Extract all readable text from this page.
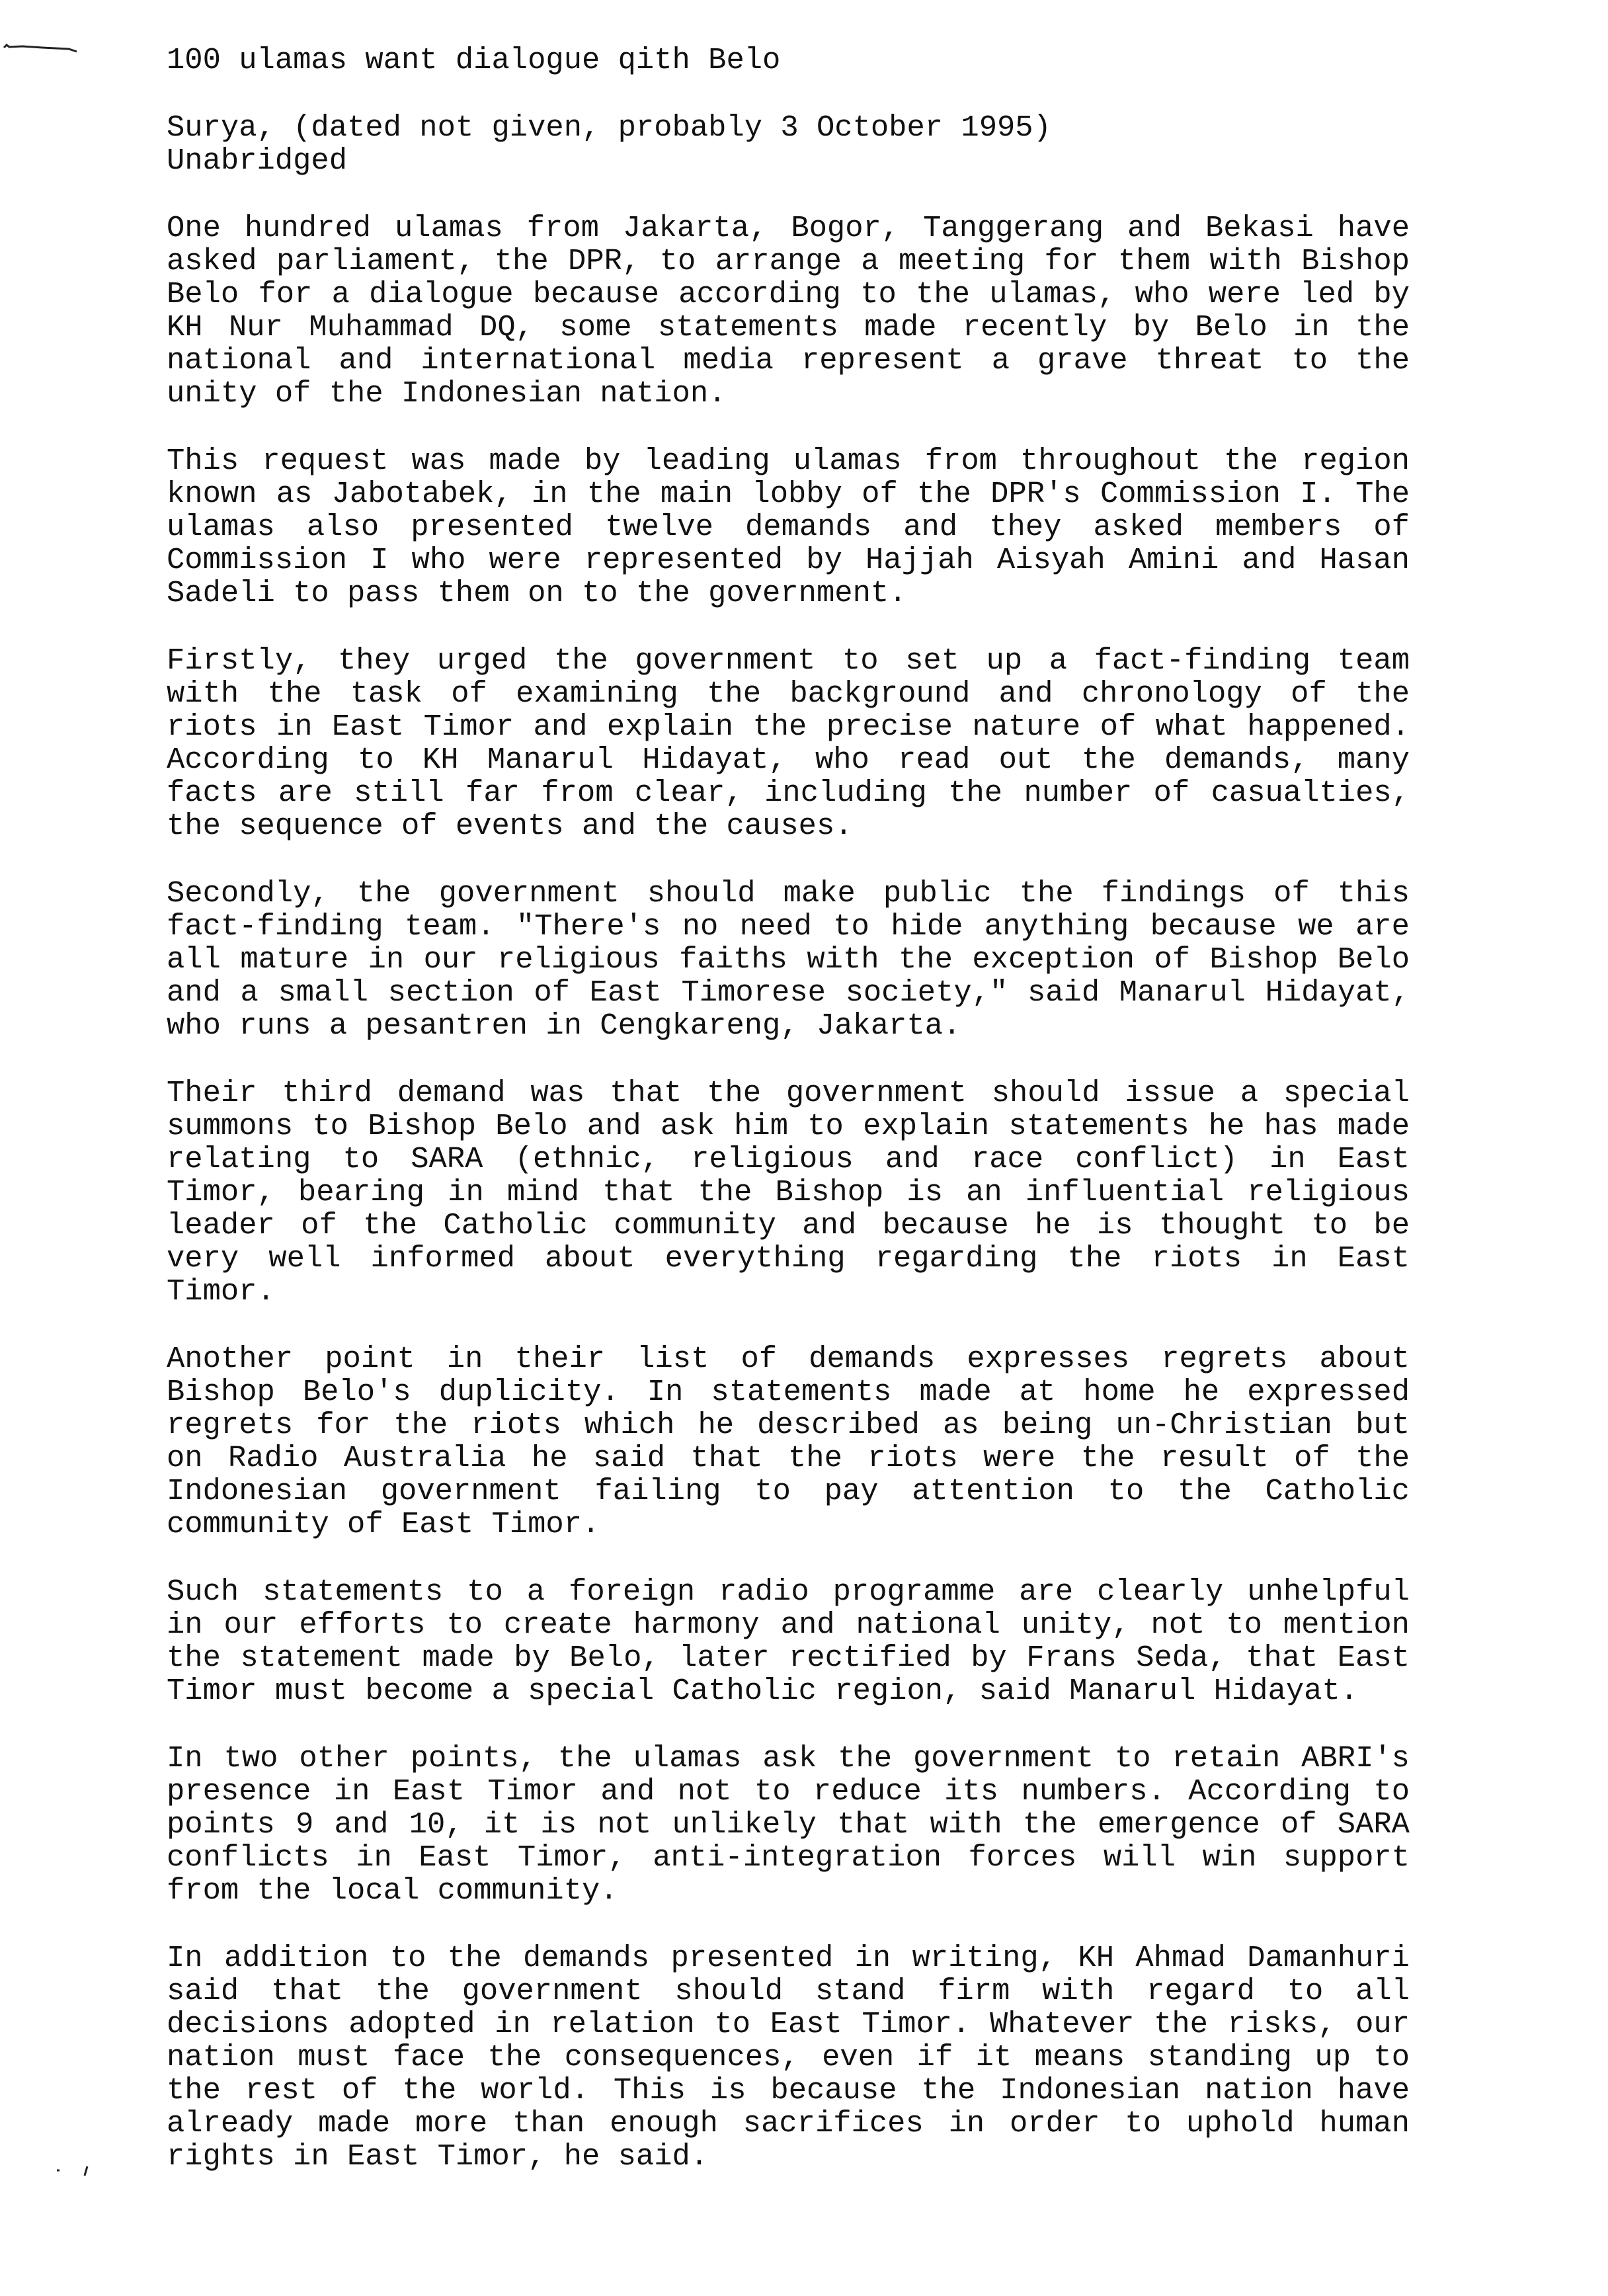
100 ulamas want dialogue qith Belo

Surya, (dated not given, probably 3 October 1995)

Unabridged

One hundred ulamas from Jakarta, Bogor, Tanggerang and Bekasi have asked parliament, the DPR, to arrange a meeting for them with Bishop Belo for a dialogue because according to the ulamas, who were led by KH Nur Muhammad DQ, some statements made recently by Belo in the national and international media represent a grave threat to the unity of the Indonesian nation.

This request was made by leading ulamas from throughout the region known as Jabotabek, in the main lobby of the DPR's Commission I. The ulamas also presented twelve demands and they asked members of Commission I who were represented by Hajjah Aisyah Amini and Hasan Sadeli to pass them on to the government.

Firstly, they urged the government to set up a fact-finding team with the task of examining the background and chronology of the riots in East Timor and explain the precise nature of what happened. According to KH Manarul Hidayat, who read out the demands, many facts are still far from clear, including the number of casualties, the sequence of events and the causes.

Secondly, the government should make public the findings of this fact-finding team. "There's no need to hide anything because we are all mature in our religious faiths with the exception of Bishop Belo and a small section of East Timorese society," said Manarul Hidayat, who runs a pesantren in Cengkareng, Jakarta.

Their third demand was that the government should issue a special summons to Bishop Belo and ask him to explain statements he has made relating to SARA (ethnic, religious and race conflict) in East Timor, bearing in mind that the Bishop is an influential religious leader of the Catholic community and because he is thought to be very well informed about everything regarding the riots in East Timor.

Another point in their list of demands expresses regrets about Bishop Belo's duplicity. In statements made at home he expressed regrets for the riots which he described as being un-Christian but on Radio Australia he said that the riots were the result of the Indonesian government failing to pay attention to the Catholic community of East Timor.

Such statements to a foreign radio programme are clearly unhelpful in our efforts to create harmony and national unity, not to mention the statement made by Belo, later rectified by Frans Seda, that East Timor must become a special Catholic region, said Manarul Hidayat.

In two other points, the ulamas ask the government to retain ABRI's presence in East Timor and not to reduce its numbers. According to points 9 and 10, it is not unlikely that with the emergence of SARA conflicts in East Timor, anti-integration forces will win support from the local community.

In addition to the demands presented in writing, KH Ahmad Damanhuri said that the government should stand firm with regard to all decisions adopted in relation to East Timor. Whatever the risks, our nation must face the consequences, even if it means standing up to the rest of the world. This is because the Indonesian nation have already made more than enough sacrifices in order to uphold human rights in East Timor, he said.
